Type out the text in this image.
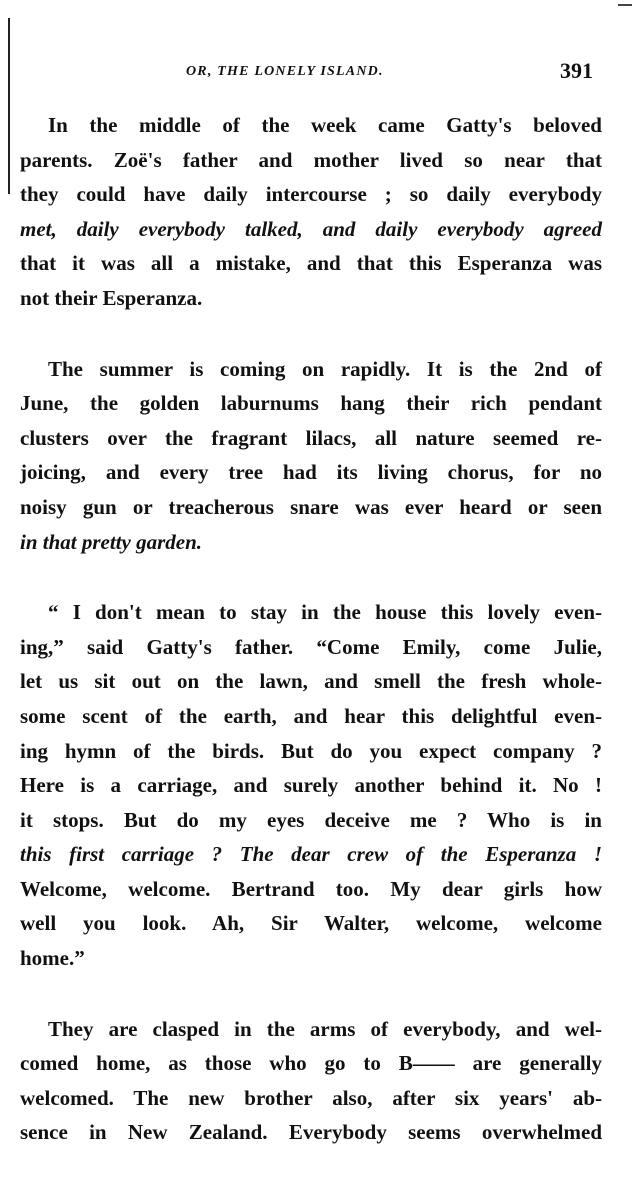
OR, THE LONELY ISLAND.	391

In the middle of the week came Gatty's beloved
parents. Zoë's father and mother lived so near that
they could have daily intercourse ; so daily everybody
met, daily everybody talked, and daily everybody agreed
that it was all a mistake, and that this Esperanza was
not their Esperanza.

The summer is coming on rapidly. It is the 2nd of
June, the golden laburnums hang their rich pendant
clusters over the fragrant lilacs, all nature seemed re-
joicing, and every tree had its living chorus, for no
noisy gun or treacherous snare was ever heard or seen
in that pretty garden.

“ I don't mean to stay in the house this lovely even-
ing,” said Gatty's father. “Come Emily, come Julie,
let us sit out on the lawn, and smell the fresh whole-
some scent of the earth, and hear this delightful even-
ing hymn of the birds. But do you expect company ?
Here is a carriage, and surely another behind it. No !
it stops. But do my eyes deceive me ? Who is in
this first carriage ? The dear crew of the Esperanza !
Welcome, welcome. Bertrand too. My dear girls how
well you look. Ah, Sir Walter, welcome, welcome
home.”

They are clasped in the arms of everybody, and wel-
comed home, as those who go to B—— are generally
welcomed. The new brother also, after six years' ab-
sence in New Zealand. Everybody seems overwhelmed
